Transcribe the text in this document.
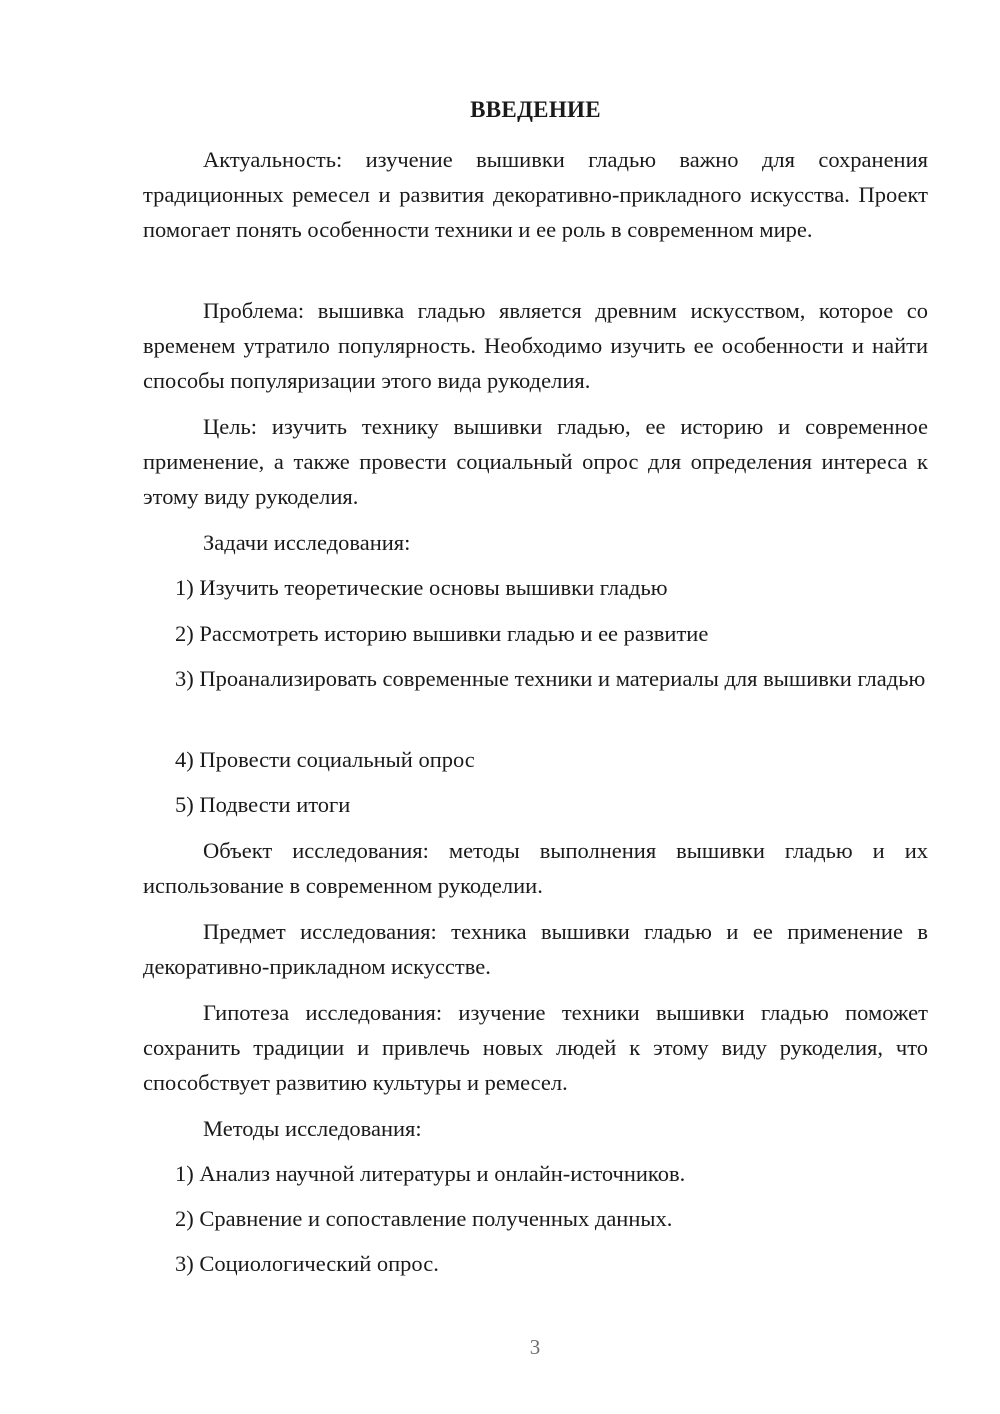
ВВЕДЕНИЕ

Актуальность: изучение вышивки гладью важно для сохранения традиционных ремесел и развития декоративно-прикладного искусства. Проект помогает понять особенности техники и ее роль в современном мире.

Проблема: вышивка гладью является древним искусством, которое со временем утратило популярность. Необходимо изучить ее особенности и найти способы популяризации этого вида рукоделия.

Цель: изучить технику вышивки гладью, ее историю и современное применение, а также провести социальный опрос для определения интереса к этому виду рукоделия.

Задачи исследования:

1) Изучить теоретические основы вышивки гладью

2) Рассмотреть историю вышивки гладью и ее развитие

3) Проанализировать современные техники и материалы для вышивки гладью

4) Провести социальный опрос

5) Подвести итоги

Объект исследования: методы выполнения вышивки гладью и их использование в современном рукоделии.

Предмет исследования: техника вышивки гладью и ее применение в декоративно-прикладном искусстве.

Гипотеза исследования: изучение техники вышивки гладью поможет сохранить традиции и привлечь новых людей к этому виду рукоделия, что способствует развитию культуры и ремесел.

Методы исследования:

1) Анализ научной литературы и онлайн-источников.

2) Сравнение и сопоставление полученных данных.

3) Социологический опрос.

3
